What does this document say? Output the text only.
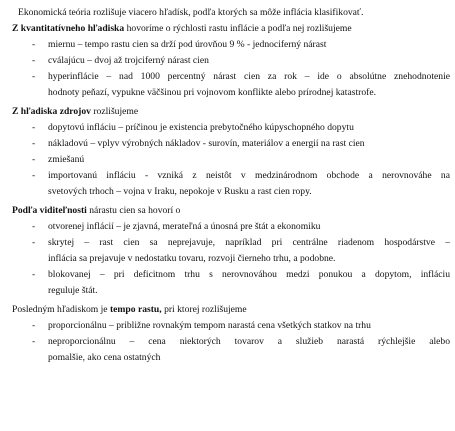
Ekonomická teória rozlišuje viacero hľadísk, podľa ktorých sa môže inflácia klasifikovať.

Z kvantitatívneho hľadiska hovoríme o rýchlosti rastu inflácie a podľa nej rozlišujeme

- miernu – tempo rastu cien sa drží pod úrovňou 9 % - jednociferný nárast
- cválajúcu – dvoj až trojciferný nárast cien
- hyperinflácie – nad 1000 percentný nárast cien za rok – ide o absolútne znehodnotenie
hodnoty peňazí, vypukne väčšinou pri vojnovom konflikte alebo prírodnej katastrofe.

Z hľadiska zdrojov rozlišujeme

- dopytovú infláciu – príčinou je existencia prebytočného kúpyschopného dopytu
- nákladovú – vplyv výrobných nákladov - surovín, materiálov a energií na rast cien
- zmiešanú
- importovanú infláciu - vzniká z neistôt v medzinárodnom obchode a nerovnováhe na
svetových trhoch – vojna v Iraku, nepokoje v Rusku a rast cien ropy.

Podľa viditeľnosti nárastu cien sa hovorí o

- otvorenej inflácií – je zjavná, merateľná a únosná pre štát a ekonomiku
- skrytej – rast cien sa neprejavuje, napríklad pri centrálne riadenom hospodárstve –
inflácia sa prejavuje v nedostatku tovaru, rozvoji čierneho trhu, a podobne.
- blokovanej – pri deficitnom trhu s nerovnováhou medzi ponukou a dopytom, infláciu
reguluje štát.

Posledným hľadiskom je tempo rastu, pri ktorej rozlišujeme

- proporcionálnu – približne rovnakým tempom narastá cena všetkých statkov na trhu
- neproporcionálnu – cena niektorých tovarov a služieb narastá rýchlejšie alebo
pomalšie, ako cena ostatných
